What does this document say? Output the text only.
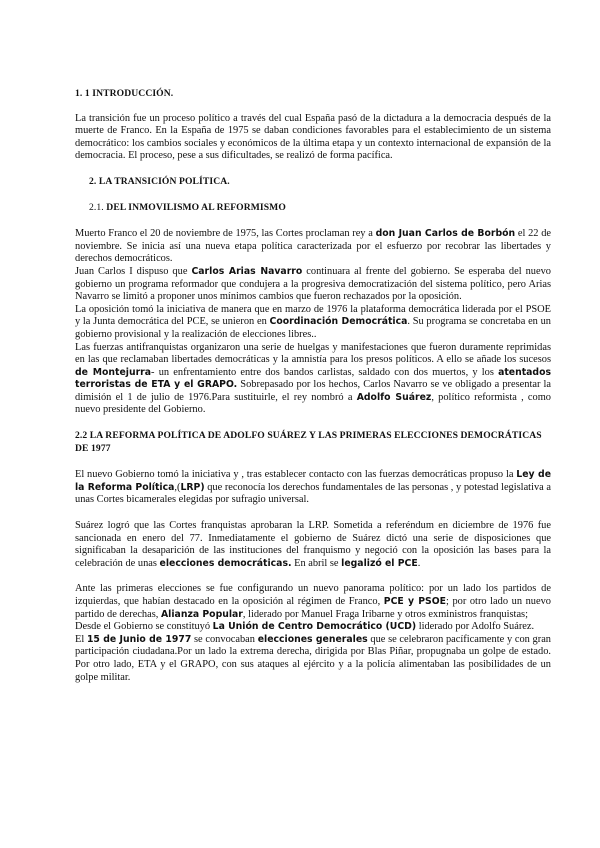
1. 1 INTRODUCCIÓN.

La transición fue un proceso político a través del cual España pasó de la dictadura a la democracia después de la muerte de Franco. En la España de 1975 se daban condiciones favorables para el establecimiento de un sistema democrático: los cambios sociales y económicos de la última etapa y un contexto internacional de expansión de la democracia. El proceso, pese a sus dificultades, se realizó de forma pacífica.

2. LA TRANSICIÓN POLÍTICA.
2.1. DEL INMOVILISMO AL REFORMISMO

Muerto Franco el 20 de noviembre de 1975, las Cortes proclaman rey a don Juan Carlos de Borbón el 22 de noviembre. Se inicia así una nueva etapa política caracterizada por el esfuerzo por recobrar las libertades y derechos democráticos.

Juan Carlos I dispuso que Carlos Arias Navarro continuara al frente del gobierno. Se esperaba del nuevo gobierno un programa reformador que condujera a la progresiva democratización del sistema político, pero Arias Navarro se limitó a proponer unos mínimos cambios que fueron rechazados por la oposición.

La oposición tomó la iniciativa de manera que en marzo de 1976 la plataforma democrática liderada por el PSOE y la Junta democrática del PCE, se unieron en Coordinación Democrática. Su programa se concretaba en un gobierno provisional y la realización de elecciones libres..

Las fuerzas antifranquistas organizaron una serie de huelgas y manifestaciones que fueron duramente reprimidas en las que reclamaban libertades democráticas y la amnistía para los presos políticos. A ello se añade los sucesos de Montejurra- un enfrentamiento entre dos bandos carlistas, saldado con dos muertos, y los atentados terroristas de ETA y el GRAPO. Sobrepasado por los hechos, Carlos Navarro se ve obligado a presentar la dimisión el 1 de julio de 1976.Para sustituirle, el rey nombró a Adolfo Suárez, político reformista , como nuevo presidente del Gobierno.

2.2 LA REFORMA POLÍTICA DE ADOLFO SUÁREZ Y LAS PRIMERAS ELECCIONES DEMOCRÁTICAS DE 1977

El nuevo Gobierno tomó la iniciativa y , tras establecer contacto con las fuerzas democráticas propuso la Ley de la Reforma Política,(LRP) que reconocía los derechos fundamentales de las personas , y potestad legislativa a unas Cortes bicamerales elegidas por sufragio universal.

Suárez logró que las Cortes franquistas aprobaran la LRP. Sometida a referéndum en diciembre de 1976 fue sancionada en enero del 77. Inmediatamente el gobierno de Suárez dictó una serie de disposiciones que significaban la desaparición de las instituciones del franquismo y negoció con la oposición las bases para la celebración de unas elecciones democráticas. En abril se legalizó el PCE.

Ante las primeras elecciones se fue configurando un nuevo panorama político: por un lado los partidos de izquierdas, que habían destacado en la oposición al régimen de Franco, PCE y PSOE; por otro lado un nuevo partido de derechas, Alianza Popular, liderado por Manuel Fraga Iribarne y otros exministros franquistas;

Desde el Gobierno se constituyó La Unión de Centro Democrático (UCD) liderado por Adolfo Suárez.

El 15 de Junio de 1977 se convocaban elecciones generales que se celebraron pacíficamente y con gran participación ciudadana.Por un lado la extrema derecha, dirigida por Blas Piñar, propugnaba un golpe de estado. Por otro lado, ETA y el GRAPO, con sus ataques al ejército y a la policía alimentaban las posibilidades de un golpe militar.
